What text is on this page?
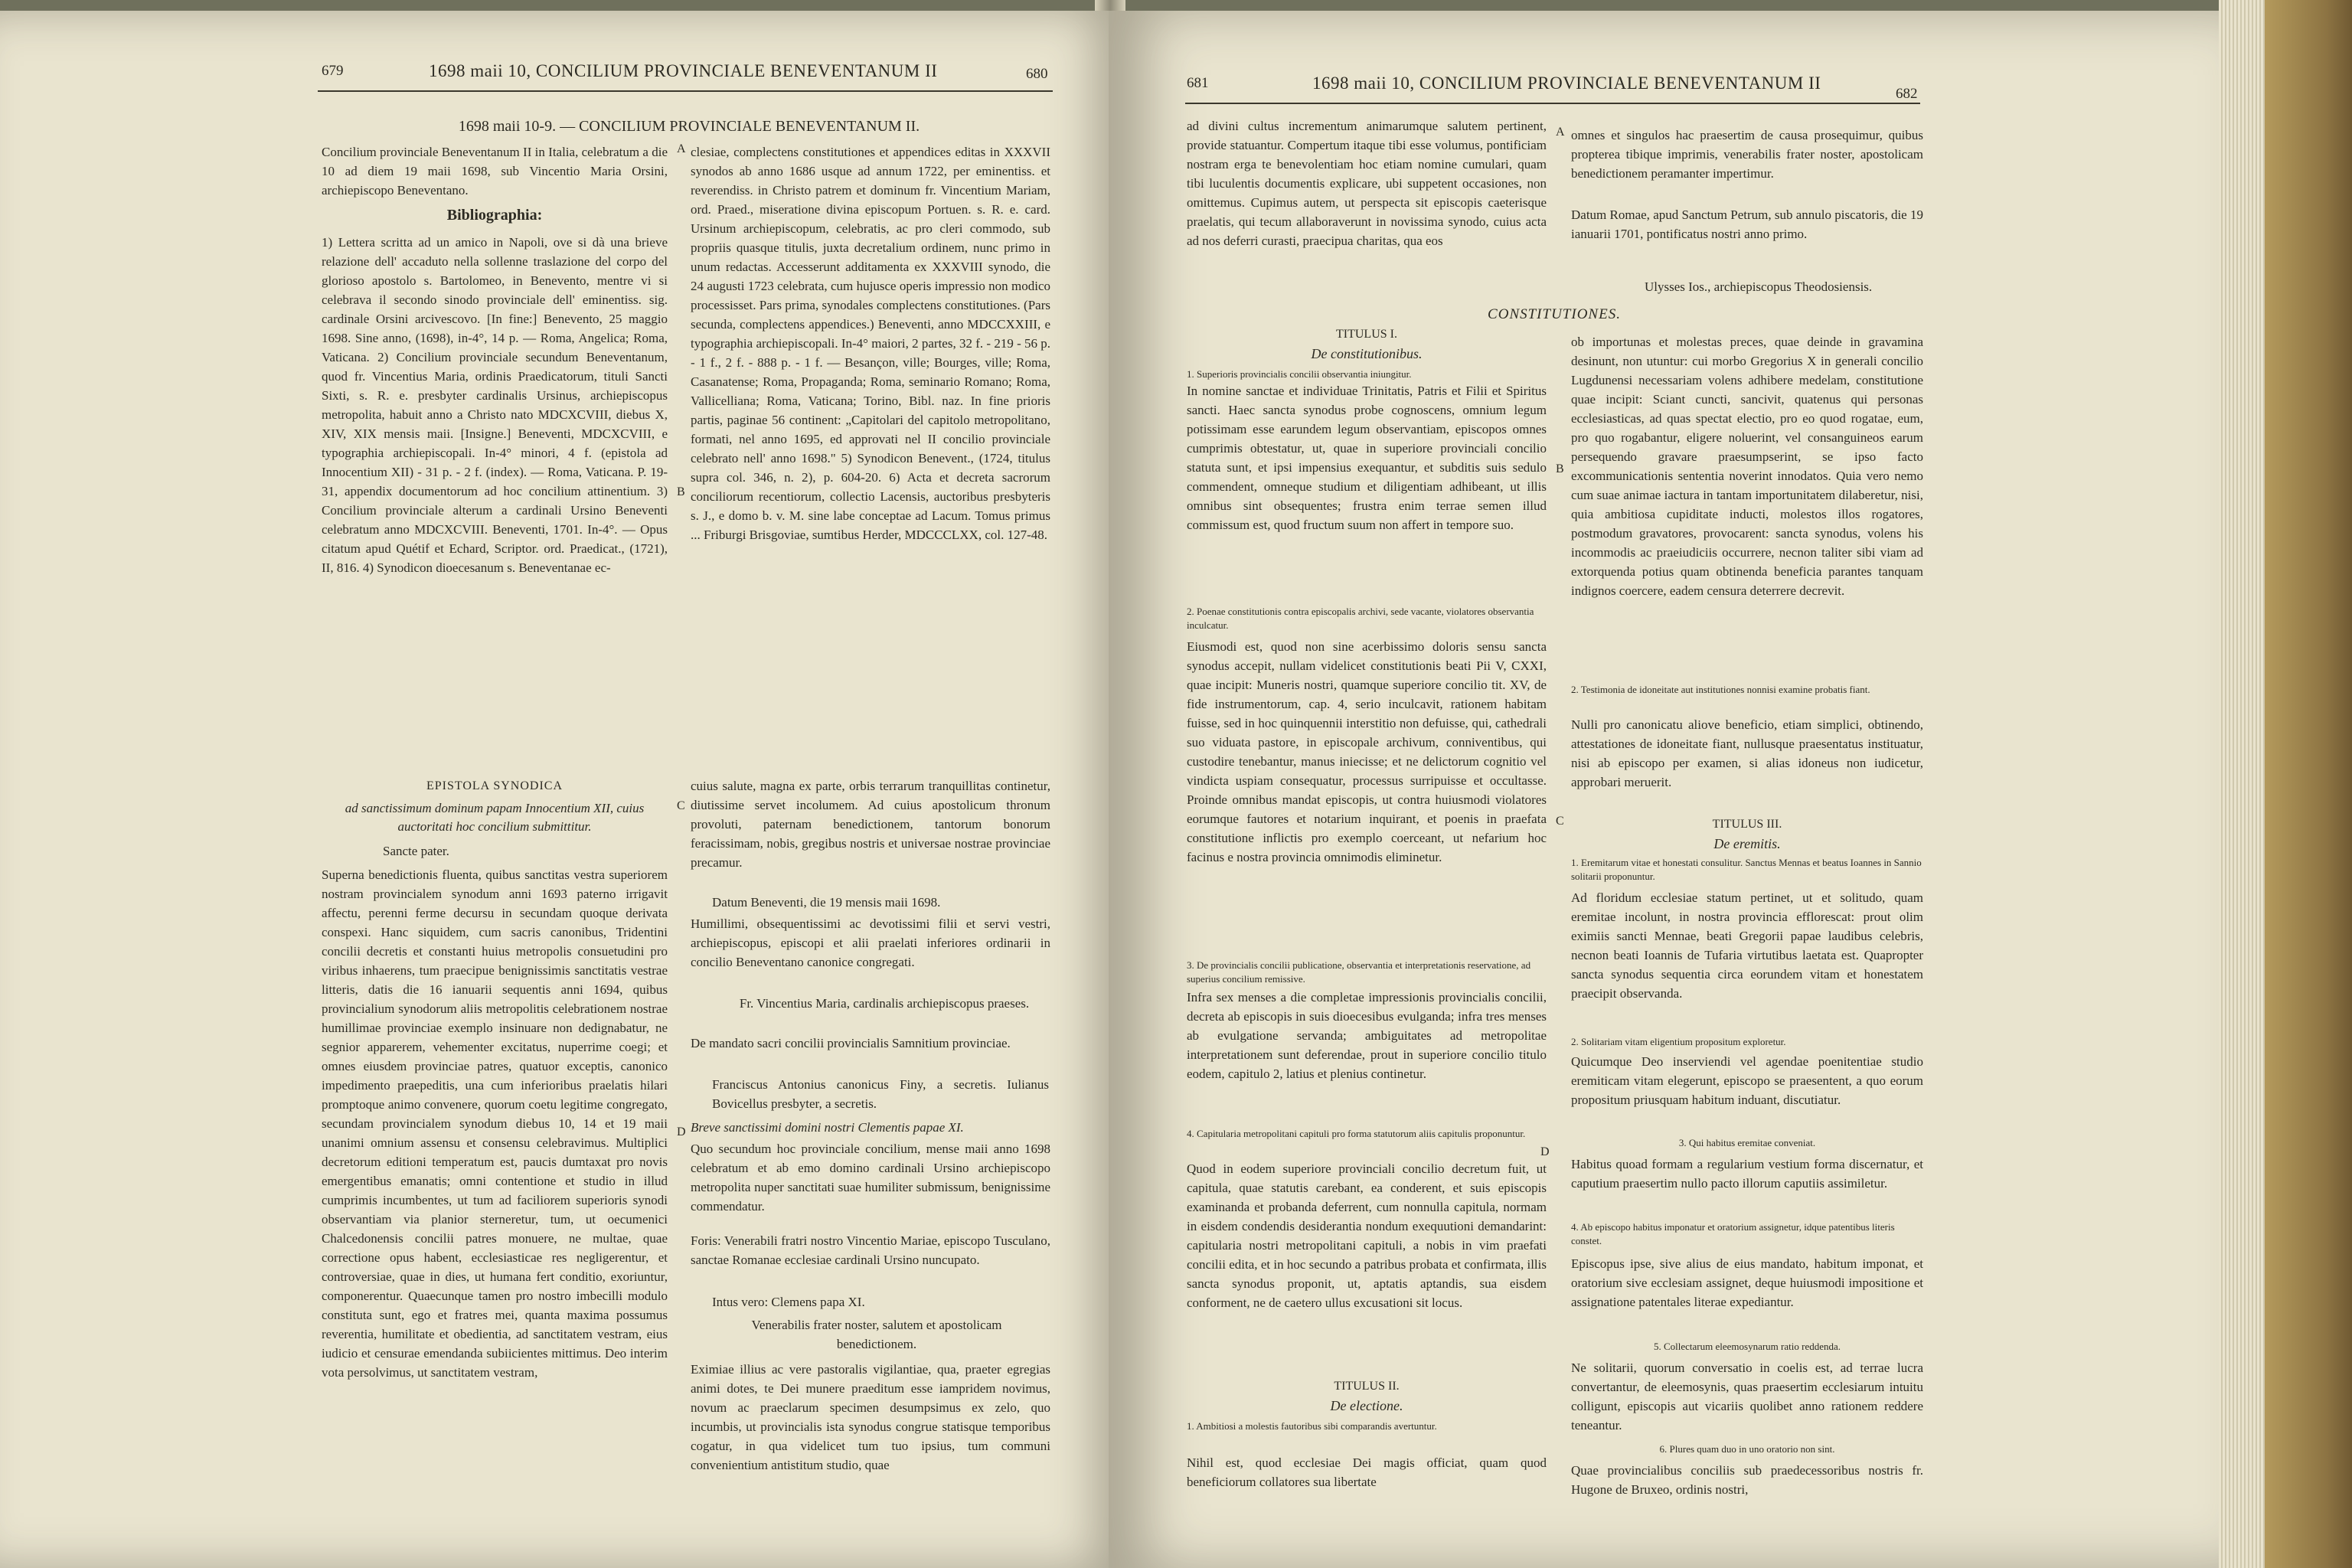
679	1698 maii 10, CONCILIUM PROVINCIALE BENEVENTANUM II	680
1698 maii 10-9. — CONCILIUM PROVINCIALE BENEVENTANUM II.

Concilium provinciale Beneventanum II in Italia, celebratum a die 10 ad diem 19 maii 1698, sub Vincentio Maria Orsini, archiepiscopo Beneventano.

Bibliographia:

1) Lettera scritta ad un amico in Napoli, ove si dà una brieve relazione dell' accaduto nella sollenne traslazione del corpo del glorioso apostolo s. Bartolomeo, in Benevento, mentre vi si celebrava il secondo sinodo provinciale dell' eminentiss. sig. cardinale Orsini arcivescovo. [In fine:] Benevento, 25 maggio 1698. Sine anno, (1698), in-4°, 14 p. — Roma, Angelica; Roma, Vaticana. 2) Concilium provinciale secundum Beneventanum, quod fr. Vincentius Maria, ordinis Praedicatorum, tituli Sancti Sixti, s. R. e. presbyter cardinalis Ursinus, archiepiscopus metropolita, habuit anno a Christo nato MDCXCVIII, diebus X, XIV, XIX mensis maii. [Insigne.] Beneventi, MDCXCVIII, e typographia archiepiscopali. In-4° minori, 4 f. (epistola ad Innocentium XII) - 31 p. - 2 f. (index). — Roma, Vaticana. P. 19-31, appendix documentorum ad hoc concilium attinentium. 3) Concilium provinciale alterum a cardinali Ursino Beneventi celebratum anno MDCXCVIII. Beneventi, 1701. In-4°. — Opus citatum apud Quétif et Echard, Scriptor. ord. Praedicat., (1721), II, 816. 4) Synodicon dioecesanum s. Beneventanae ec-

clesiae, complectens constitutiones et appendices editas in XXXVII synodos ab anno 1686 usque ad annum 1722, per eminentiss. et reverendiss. in Christo patrem et dominum fr. Vincentium Mariam, ord. Praed., miseratione divina episcopum Portuen. s. R. e. card. Ursinum archiepiscopum, celebratis, ac pro cleri commodo, sub propriis quasque titulis, juxta decretalium ordinem, nunc primo in unum redactas. Accesserunt additamenta ex XXXVIII synodo, die 24 augusti 1723 celebrata, cum hujusce operis impressio non modico processisset. Pars prima, synodales complectens constitutiones. (Pars secunda, complectens appendices.) Beneventi, anno MDCCXXIII, e typographia archiepiscopali. In-4° maiori, 2 partes, 32 f. - 219 - 56 p. - 1 f., 2 f. - 888 p. - 1 f. — Besançon, ville; Bourges, ville; Roma, Casanatense; Roma, Propaganda; Roma, seminario Romano; Roma, Vallicelliana; Roma, Vaticana; Torino, Bibl. naz. In fine prioris partis, paginae 56 continent: „Capitolari del capitolo metropolitano, formati, nel anno 1695, ed approvati nel II concilio provinciale celebrato nell' anno 1698." 5) Synodicon Benevent., (1724, titulus supra col. 346, n. 2), p. 604-20. 6) Acta et decreta sacrorum conciliorum recentiorum, collectio Lacensis, auctoribus presbyteris s. J., e domo b. v. M. sine labe conceptae ad Lacum. Tomus primus ... Friburgi Brisgoviae, sumtibus Herder, MDCCCLXX, col. 127-48.

A
B
EPISTOLA SYNODICA

ad sanctissimum dominum papam Innocentium XII, cuius auctoritati hoc concilium submittitur.

Sancte pater.

Superna benedictionis fluenta, quibus sanctitas vestra superiorem nostram provincialem synodum anni 1693 paterno irrigavit affectu, perenni ferme decursu in secundam quoque derivata conspexi. Hanc siquidem, cum sacris canonibus, Tridentini concilii decretis et constanti huius metropolis consuetudini pro viribus inhaerens, tum praecipue benignissimis sanctitatis vestrae litteris, datis die 16 ianuarii sequentis anni 1694, quibus provincialium synodorum aliis metropolitis celebrationem nostrae humillimae provinciae exemplo insinuare non dedignabatur, ne segnior apparerem, vehementer excitatus, nuperrime coegi; et omnes eiusdem provinciae patres, quatuor exceptis, canonico impedimento praepeditis, una cum inferioribus praelatis hilari promptoque animo convenere, quorum coetu legitime congregato, secundam provincialem synodum diebus 10, 14 et 19 maii unanimi omnium assensu et consensu celebravimus. Multiplici decretorum editioni temperatum est, paucis dumtaxat pro novis emergentibus emanatis; omni contentione et studio in illud cumprimis incumbentes, ut tum ad faciliorem superioris synodi observantiam via planior sterneretur, tum, ut oecumenici Chalcedonensis concilii patres monuere, ne multae, quae correctione opus habent, ecclesiasticae res negligerentur, et controversiae, quae in dies, ut humana fert conditio, exoriuntur, componerentur. Quaecunque tamen pro nostro imbecilli modulo constituta sunt, ego et fratres mei, quanta maxima possumus reverentia, humilitate et obedientia, ad sanctitatem vestram, eius iudicio et censurae emendanda subiicientes mittimus. Deo interim vota persolvimus, ut sanctitatem vestram,

C
D

cuius salute, magna ex parte, orbis terrarum tranquillitas continetur, diutissime servet incolumem. Ad cuius apostolicum thronum provoluti, paternam benedictionem, tantorum bonorum feracissimam, nobis, gregibus nostris et universae nostrae provinciae precamur.

Datum Beneventi, die 19 mensis maii 1698.

Humillimi, obsequentissimi ac devotissimi filii et servi vestri, archiepiscopus, episcopi et alii praelati inferiores ordinarii in concilio Beneventano canonice congregati.

Fr. Vincentius Maria, cardinalis archiepiscopus praeses.

De mandato sacri concilii provincialis Samnitium provinciae.

Franciscus Antonius canonicus Finy, a secretis. Iulianus Bovicellus presbyter, a secretis.

Breve sanctissimi domini nostri Clementis papae XI.

Quo secundum hoc provinciale concilium, mense maii anno 1698 celebratum et ab emo domino cardinali Ursino archiepiscopo metropolita nuper sanctitati suae humiliter submissum, benignissime commendatur.

Foris: Venerabili fratri nostro Vincentio Mariae, episcopo Tusculano, sanctae Romanae ecclesiae cardinali Ursino nuncupato.

Intus vero: Clemens papa XI.

Venerabilis frater noster, salutem et apostolicam benedictionem.

Eximiae illius ac vere pastoralis vigilantiae, qua, praeter egregias animi dotes, te Dei munere praeditum esse iampridem novimus, novum ac praeclarum specimen desumpsimus ex zelo, quo incumbis, ut provincialis ista synodus congrue statisque temporibus cogatur, in qua videlicet tum tuo ipsius, tum communi convenientium antistitum studio, quae

681	1698 maii 10, CONCILIUM PROVINCIALE BENEVENTANUM II
682

ad divini cultus incrementum animarumque salutem pertinent, provide statuantur. Compertum itaque tibi esse volumus, pontificiam nostram erga te benevolentiam hoc etiam nomine cumulari, quam tibi luculentis documentis explicare, ubi suppetent occasiones, non omittemus. Cupimus autem, ut perspecta sit episcopis caeterisque praelatis, qui tecum allaboraverunt in novissima synodo, cuius acta ad nos deferri curasti, praecipua charitas, qua eos

omnes et singulos hac praesertim de causa prosequimur, quibus propterea tibique imprimis, venerabilis frater noster, apostolicam benedictionem peramanter impertimur.

Datum Romae, apud Sanctum Petrum, sub annulo piscatoris, die 19 ianuarii 1701, pontificatus nostri anno primo.

Ulysses Ios., archiepiscopus Theodosiensis.

CONSTITUTIONES.
TITULUS I.
De constitutionibus.

1. Superioris provincialis concilii observantia iniungitur.

In nomine sanctae et individuae Trinitatis, Patris et Filii et Spiritus sancti. Haec sancta synodus probe cognoscens, omnium legum potissimam esse earundem legum observantiam, episcopos omnes cumprimis obtestatur, ut, quae in superiore provinciali concilio statuta sunt, et ipsi impensius exequantur, et subditis suis sedulo commendent, omneque studium et diligentiam adhibeant, ut illis omnibus sint obsequentes; frustra enim terrae semen illud commissum est, quod fructum suum non affert in tempore suo.

2. Poenae constitutionis contra episcopalis archivi, sede vacante, violatores observantia inculcatur.

Eiusmodi est, quod non sine acerbissimo doloris sensu sancta synodus accepit, nullam videlicet constitutionis beati Pii V, CXXI, quae incipit: Muneris nostri, quamque superiore concilio tit. XV, de fide instrumentorum, cap. 4, serio inculcavit, rationem habitam fuisse, sed in hoc quinquennii interstitio non defuisse, qui, cathedrali suo viduata pastore, in episcopale archivum, conniventibus, qui custodire tenebantur, manus iniecisse; et ne delictorum cognitio vel vindicta uspiam consequatur, processus surripuisse et occultasse. Proinde omnibus mandat episcopis, ut contra huiusmodi violatores eorumque fautores et notarium inquirant, et poenis in praefata constitutione inflictis pro exemplo coerceant, ut nefarium hoc facinus e nostra provincia omnimodis eliminetur.

3. De provincialis concilii publicatione, observantia et interpretationis reservatione, ad superius concilium remissive.

Infra sex menses a die completae impressionis provincialis concilii, decreta ab episcopis in suis dioecesibus evulganda; infra tres menses ab evulgatione servanda; ambiguitates ad metropolitae interpretationem sunt deferendae, prout in superiore concilio titulo eodem, capitulo 2, latius et plenius continetur.

4. Capitularia metropolitani capituli pro forma statutorum aliis capitulis proponuntur.

Quod in eodem superiore provinciali concilio decretum fuit, ut capitula, quae statutis carebant, ea conderent, et suis episcopis examinanda et probanda deferrent, cum nonnulla capitula, normam in eisdem condendis desiderantia nondum exequutioni demandarint: capitularia nostri metropolitani capituli, a nobis in vim praefati concilii edita, et in hoc secundo a patribus probata et confirmata, illis sancta synodus proponit, ut, aptatis aptandis, sua eisdem conforment, ne de caetero ullus excusationi sit locus.

TITULUS II.
De electione.

1. Ambitiosi a molestis fautoribus sibi comparandis avertuntur.

Nihil est, quod ecclesiae Dei magis officiat, quam quod beneficiorum collatores sua libertate

A
B
C
D

ob importunas et molestas preces, quae deinde in gravamina desinunt, non utuntur: cui morbo Gregorius X in generali concilio Lugdunensi necessariam volens adhibere medelam, constitutione quae incipit: Sciant cuncti, sancivit, quatenus qui personas ecclesiasticas, ad quas spectat electio, pro eo quod rogatae, eum, pro quo rogabantur, eligere noluerint, vel consanguineos earum persequendo gravare praesumpserint, se ipso facto excommunicationis sententia noverint innodatos. Quia vero nemo cum suae animae iactura in tantam importunitatem dilaberetur, nisi, quia ambitiosa cupiditate inducti, molestos illos rogatores, postmodum gravatores, provocarent: sancta synodus, volens his incommodis ac praeiudiciis occurrere, necnon taliter sibi viam ad extorquenda potius quam obtinenda beneficia parantes tanquam indignos coercere, eadem censura deterrere decrevit.

2. Testimonia de idoneitate aut institutiones nonnisi examine probatis fiant.

Nulli pro canonicatu aliove beneficio, etiam simplici, obtinendo, attestationes de idoneitate fiant, nullusque praesentatus instituatur, nisi ab episcopo per examen, si alias idoneus non iudicetur, approbari meruerit.

TITULUS III.
De eremitis.

1. Eremitarum vitae et honestati consulitur. Sanctus Mennas et beatus Ioannes in Sannio solitarii proponuntur.

Ad floridum ecclesiae statum pertinet, ut et solitudo, quam eremitae incolunt, in nostra provincia efflorescat: prout olim eximiis sancti Mennae, beati Gregorii papae laudibus celebris, necnon beati Ioannis de Tufaria virtutibus laetata est. Quapropter sancta synodus sequentia circa eorundem vitam et honestatem praecipit observanda.

2. Solitariam vitam eligentium propositum exploretur.

Quicumque Deo inserviendi vel agendae poenitentiae studio eremiticam vitam elegerunt, episcopo se praesentent, a quo eorum propositum priusquam habitum induant, discutiatur.

3. Qui habitus eremitae conveniat.

Habitus quoad formam a regularium vestium forma discernatur, et caputium praesertim nullo pacto illorum caputiis assimiletur.

4. Ab episcopo habitus imponatur et oratorium assignetur, idque patentibus literis constet.

Episcopus ipse, sive alius de eius mandato, habitum imponat, et oratorium sive ecclesiam assignet, deque huiusmodi impositione et assignatione patentales literae expediantur.

5. Collectarum eleemosynarum ratio reddenda.

Ne solitarii, quorum conversatio in coelis est, ad terrae lucra convertantur, de eleemosynis, quas praesertim ecclesiarum intuitu colligunt, episcopis aut vicariis quolibet anno rationem reddere teneantur.

6. Plures quam duo in uno oratorio non sint.

Quae provincialibus conciliis sub praedecessoribus nostris fr. Hugone de Bruxeo, ordinis nostri,
